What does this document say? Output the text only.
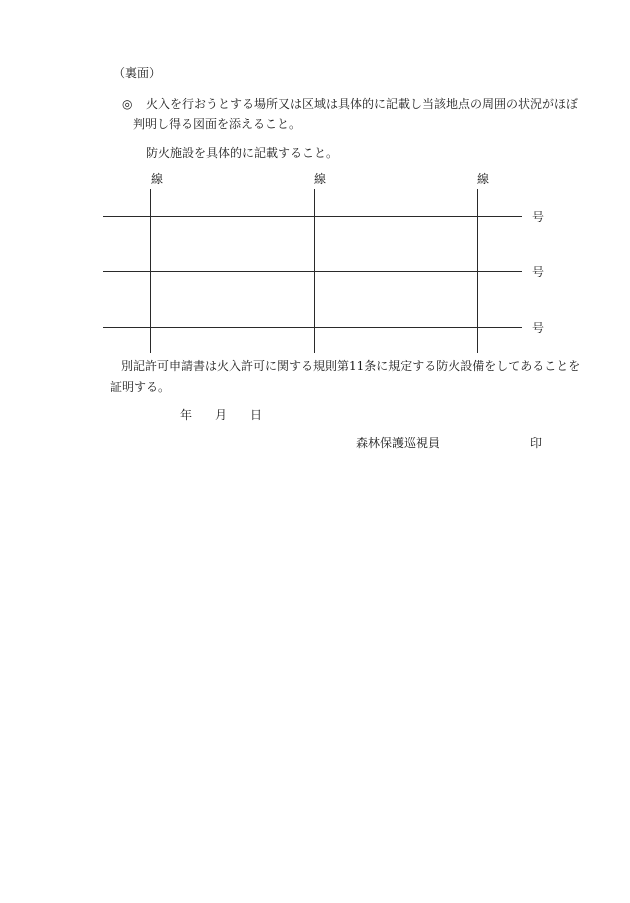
（裏面）
◎ 火入を行おうとする場所又は区域は具体的に記載し当該地点の周囲の状況がほぼ
判明し得る図面を添えること。
防火施設を具体的に記載すること。
線	線	線
号
号
号
別記許可申請書は火入許可に関する規則第11条に規定する防火設備をしてあることを
証明する。
年 月 日
森林保護巡視員	印
